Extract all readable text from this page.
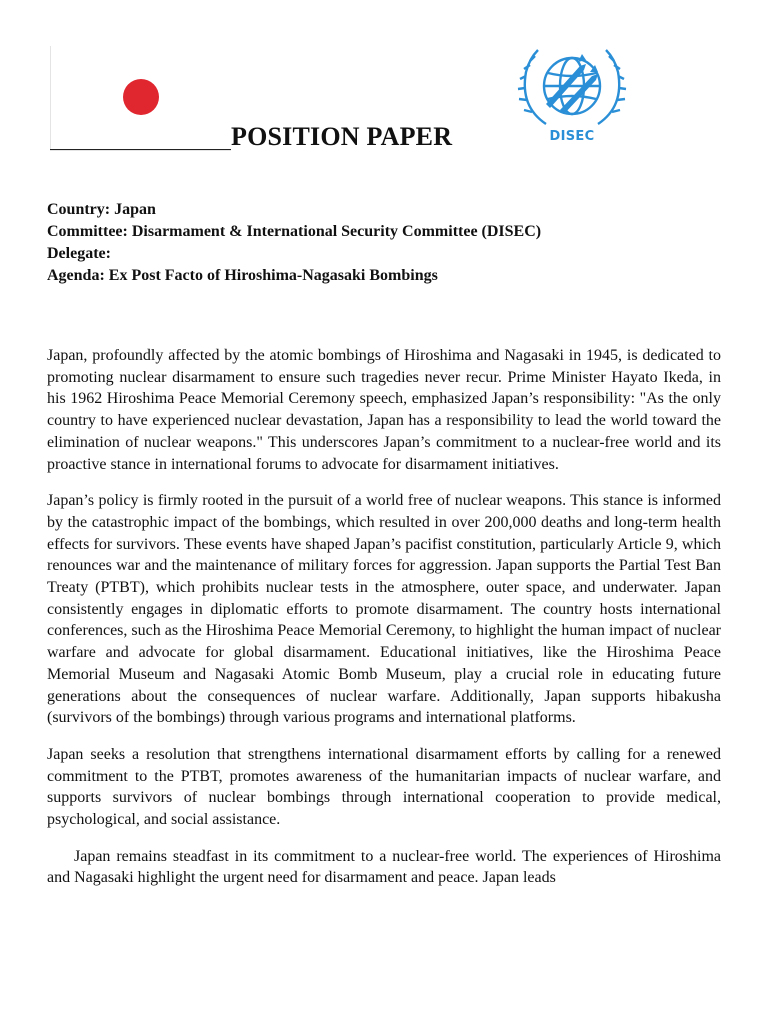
POSITION PAPER	DISEC
Country: Japan
Committee: Disarmament & International Security Committee (DISEC)
Delegate:
Agenda: Ex Post Facto of Hiroshima-Nagasaki Bombings

Japan, profoundly affected by the atomic bombings of Hiroshima and Nagasaki in 1945, is dedicated to promoting nuclear disarmament to ensure such tragedies never recur. Prime Minister Hayato Ikeda, in his 1962 Hiroshima Peace Memorial Ceremony speech, emphasized Japan’s responsibility: "As the only country to have experienced nuclear devastation, Japan has a responsibility to lead the world toward the elimination of nuclear weapons." This underscores Japan’s commitment to a nuclear-free world and its proactive stance in international forums to advocate for disarmament initiatives.

Japan’s policy is firmly rooted in the pursuit of a world free of nuclear weapons. This stance is informed by the catastrophic impact of the bombings, which resulted in over 200,000 deaths and long-term health effects for survivors. These events have shaped Japan’s pacifist constitution, particularly Article 9, which renounces war and the maintenance of military forces for aggression. Japan supports the Partial Test Ban Treaty (PTBT), which prohibits nuclear tests in the atmosphere, outer space, and underwater. Japan consistently engages in diplomatic efforts to promote disarmament. The country hosts international conferences, such as the Hiroshima Peace Memorial Ceremony, to highlight the human impact of nuclear warfare and advocate for global disarmament. Educational initiatives, like the Hiroshima Peace Memorial Museum and Nagasaki Atomic Bomb Museum, play a crucial role in educating future generations about the consequences of nuclear warfare. Additionally, Japan supports hibakusha (survivors of the bombings) through various programs and international platforms.

Japan seeks a resolution that strengthens international disarmament efforts by calling for a renewed commitment to the PTBT, promotes awareness of the humanitarian impacts of nuclear warfare, and supports survivors of nuclear bombings through international cooperation to provide medical, psychological, and social assistance.

Japan remains steadfast in its commitment to a nuclear-free world. The experiences of Hiroshima and Nagasaki highlight the urgent need for disarmament and peace. Japan leads
